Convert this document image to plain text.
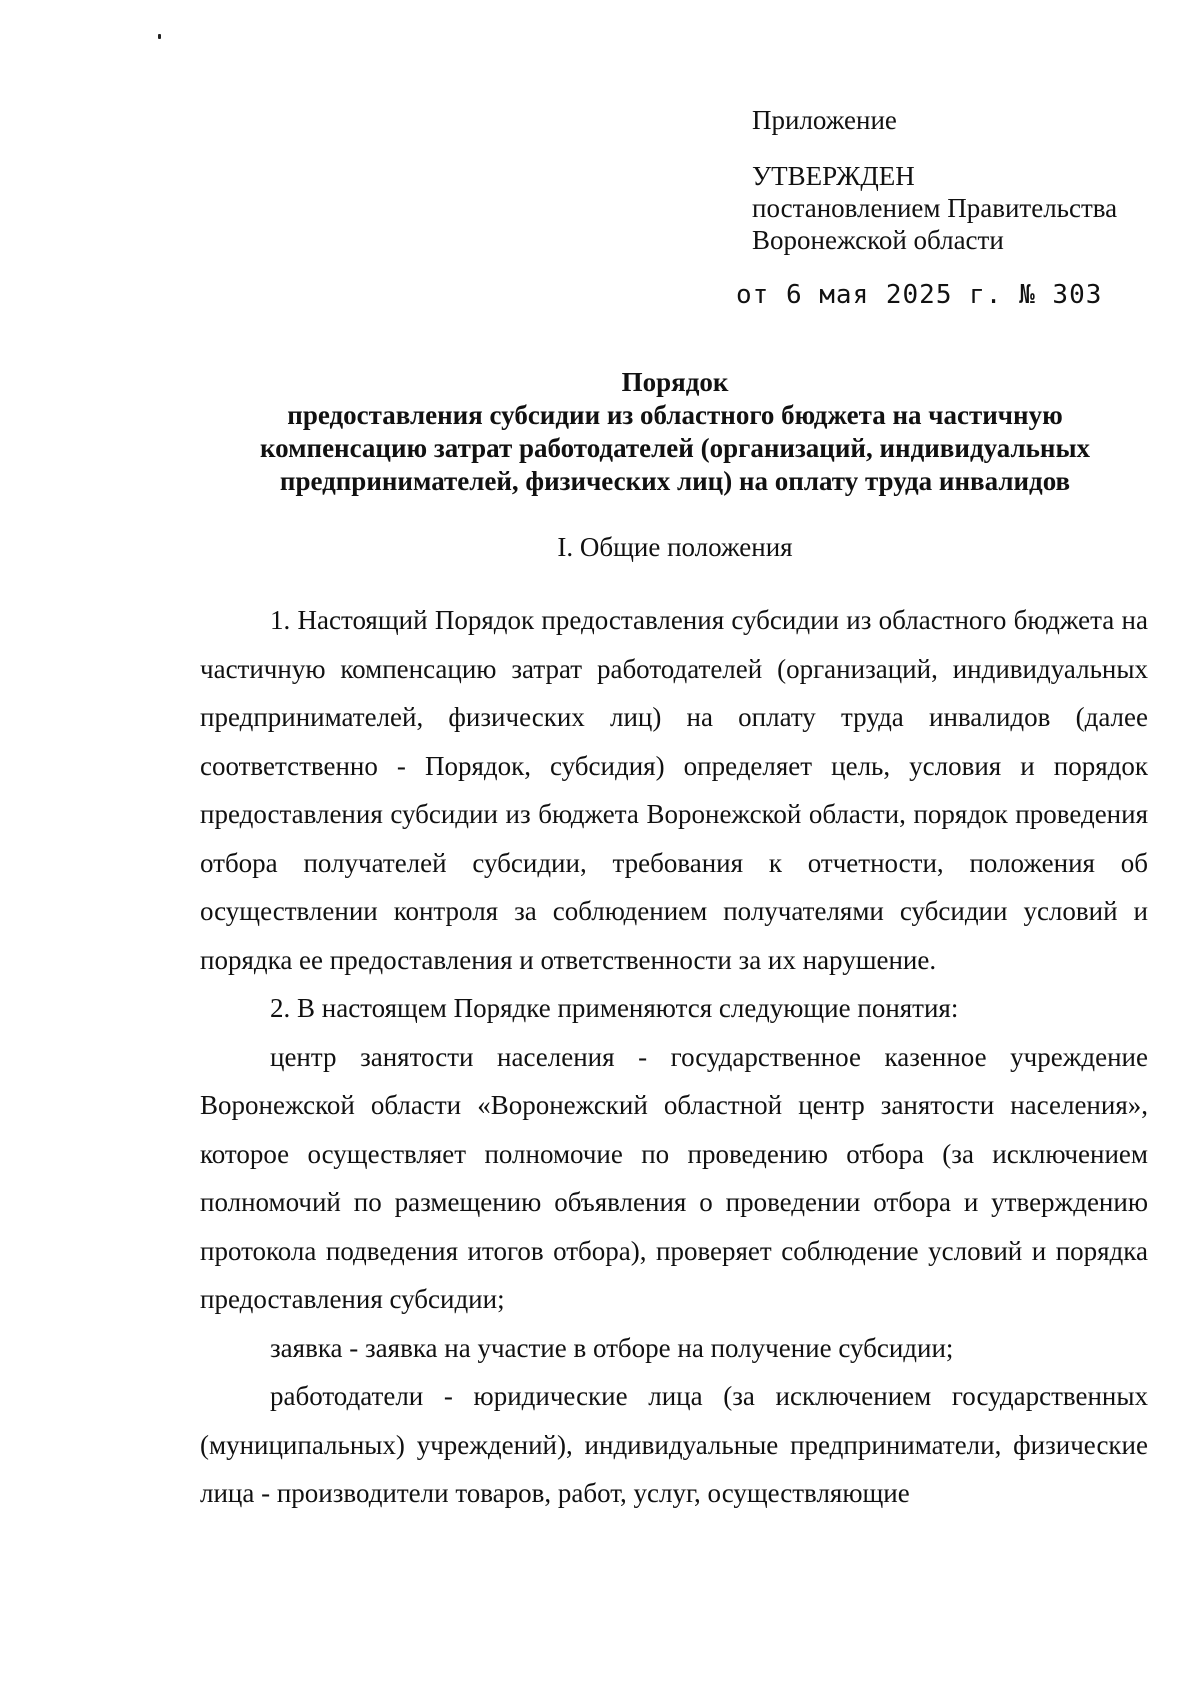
Приложение
УТВЕРЖДЕН
постановлением Правительства
Воронежской области
от 6 мая 2025 г. № 303
Порядок
предоставления субсидии из областного бюджета на частичную
компенсацию затрат работодателей (организаций, индивидуальных
предпринимателей, физических лиц) на оплату труда инвалидов
I. Общие положения

1. Настоящий Порядок предоставления субсидии из областного бюджета на частичную компенсацию затрат работодателей (организаций, индивидуальных предпринимателей, физических лиц) на оплату труда инвалидов (далее соответственно - Порядок, субсидия) определяет цель, условия и порядок предоставления субсидии из бюджета Воронежской области, порядок проведения отбора получателей субсидии, требования к отчетности, положения об осуществлении контроля за соблюдением получателями субсидии условий и порядка ее предоставления и ответственности за их нарушение.

2. В настоящем Порядке применяются следующие понятия:

центр занятости населения - государственное казенное учреждение Воронежской области «Воронежский областной центр занятости населения», которое осуществляет полномочие по проведению отбора (за исключением полномочий по размещению объявления о проведении отбора и утверждению протокола подведения итогов отбора), проверяет соблюдение условий и порядка предоставления субсидии;

заявка - заявка на участие в отборе на получение субсидии;

работодатели - юридические лица (за исключением государственных (муниципальных) учреждений), индивидуальные предприниматели, физические лица - производители товаров, работ, услуг, осуществляющие
